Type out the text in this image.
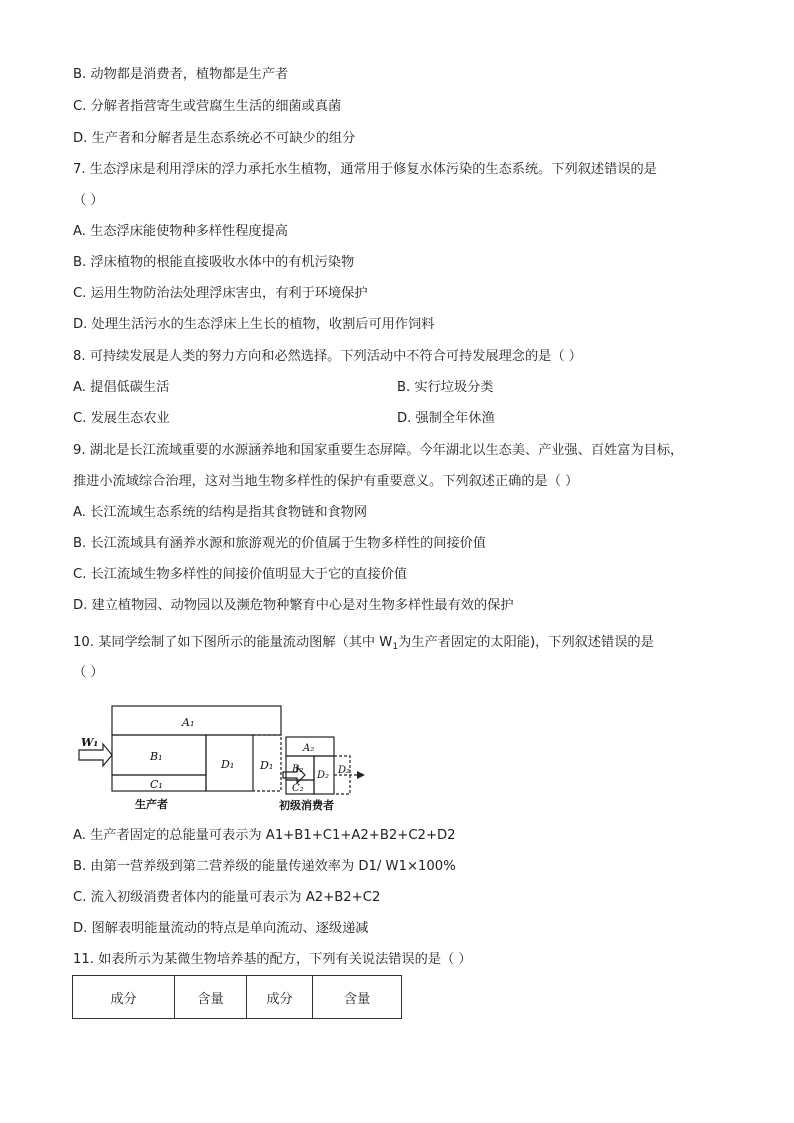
B. 动物都是消费者，植物都是生产者
C. 分解者指营寄生或营腐生生活的细菌或真菌
D. 生产者和分解者是生态系统必不可缺少的组分
7. 生态浮床是利用浮床的浮力承托水生植物，通常用于修复水体污染的生态系统。下列叙述错误的是
（ ）
A. 生态浮床能使物种多样性程度提高
B. 浮床植物的根能直接吸收水体中的有机污染物
C. 运用生物防治法处理浮床害虫，有利于环境保护
D. 处理生活污水的生态浮床上生长的植物，收割后可用作饲料
8. 可持续发展是人类的努力方向和必然选择。下列活动中不符合可持发展理念的是（ ）
A. 提倡低碳生活	B. 实行垃圾分类
C. 发展生态农业	D. 强制全年休渔
9. 湖北是长江流域重要的水源涵养地和国家重要生态屏障。今年湖北以生态美、产业强、百姓富为目标，
推进小流域综合治理，这对当地生物多样性的保护有重要意义。下列叙述正确的是（ ）
A. 长江流域生态系统的结构是指其食物链和食物网
B. 长江流域具有涵养水源和旅游观光的价值属于生物多样性的间接价值
C. 长江流域生物多样性的间接价值明显大于它的直接价值
D. 建立植物园、动物园以及濒危物种繁育中心是对生物多样性最有效的保护
10. 某同学绘制了如下图所示的能量流动图解（其中 $W_1$为生产者固定的太阳能)，下列叙述错误的是
（ ）
W₁
A₁
B₁
C₁
D₁ D₁
A₂
B₂
C₂
D₂ D₂
生产者	初级消费者
A. 生产者固定的总能量可表示为 A1+B1+C1+A2+B2+C2+D2
B. 由第一营养级到第二营养级的能量传递效率为 D1/ W1×100%
C. 流入初级消费者体内的能量可表示为 A2+B2+C2
D. 图解表明能量流动的特点是单向流动、逐级递减
11. 如表所示为某微生物培养基的配方，下列有关说法错误的是（ ）
成分	含量	成分	含量
